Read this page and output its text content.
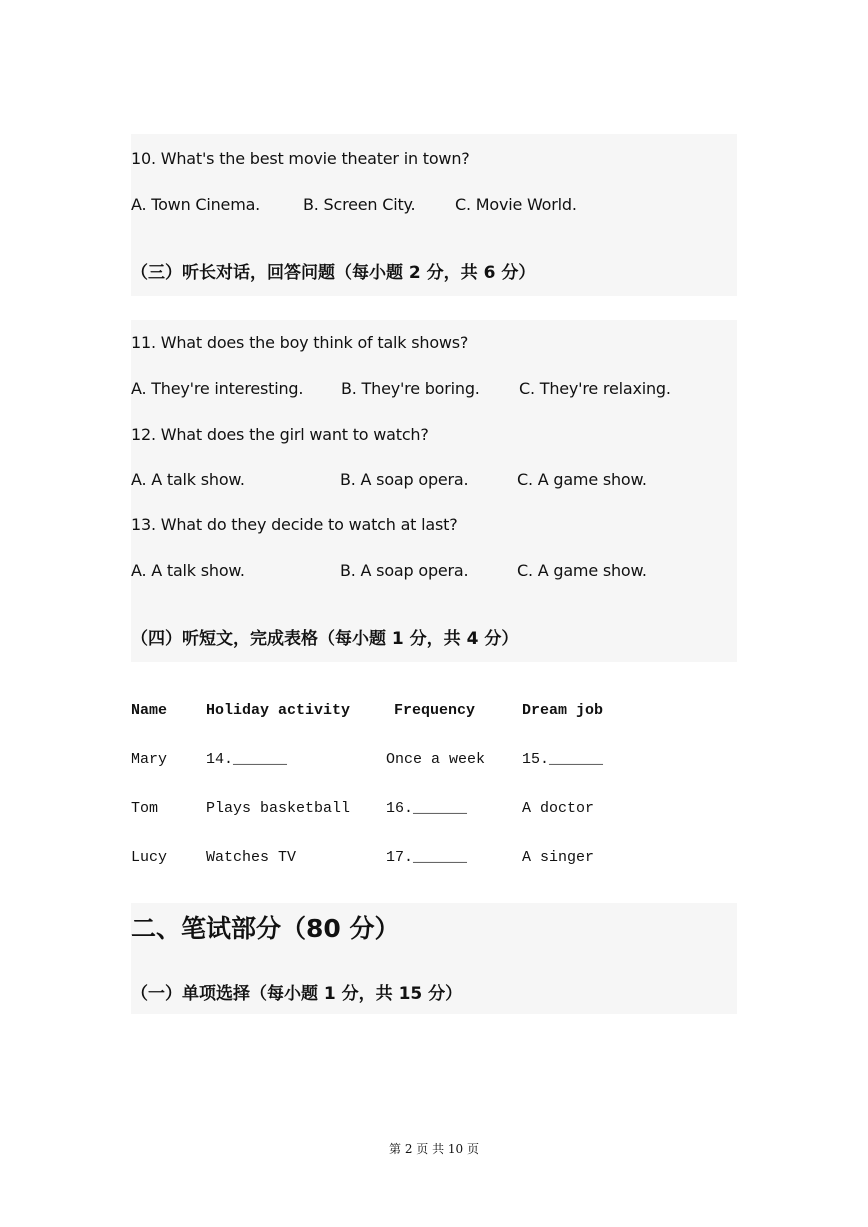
10. What's the best movie theater in town?
A. Town Cinema.	B. Screen City. C. Movie World.
（三）听长对话，回答问题（每小题 2 分，共 6 分）
11. What does the boy think of talk shows?
A. They're interesting. B. They're boring. C. They're relaxing.
12. What does the girl want to watch?
A. A talk show.	B. A soap opera.	C. A game show.
13. What do they decide to watch at last?
A. A talk show.	B. A soap opera.	C. A game show.
（四）听短文，完成表格（每小题 1 分，共 4 分）
Name	Holiday activity	Frequency	Dream job
Mary	14.______	Once a week 15.______
Tom	Plays basketball 16.______	A doctor
Lucy	Watches TV	17.______	A singer
二、笔试部分（80 分）
（一）单项选择（每小题 1 分，共 15 分）
第 2 页 共 10 页
